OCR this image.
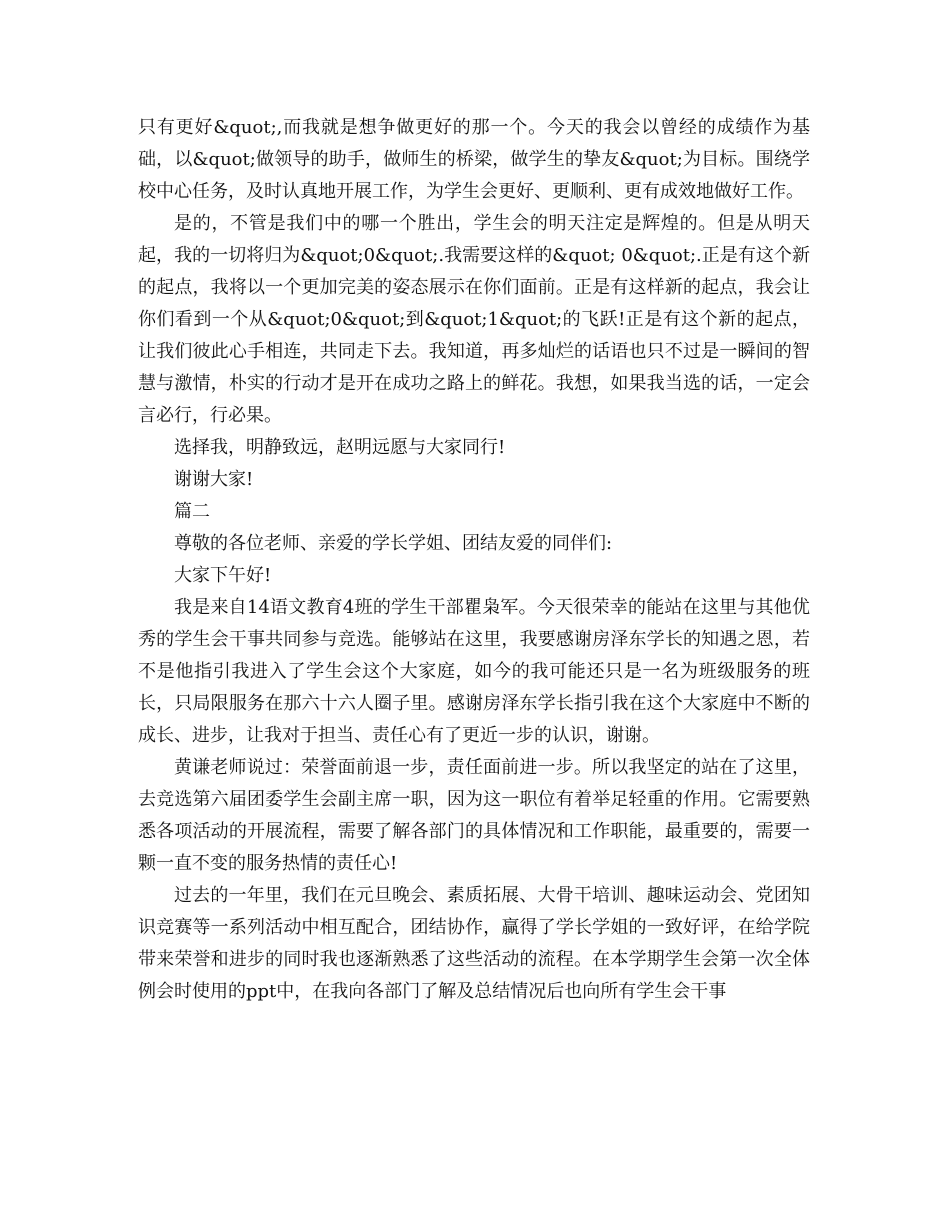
只有更好&quot;,而我就是想争做更好的那一个。今天的我会以曾经的成绩作为基础，以&quot;做领导的助手，做师生的桥梁，做学生的挚友&quot;为目标。围绕学校中心任务，及时认真地开展工作，为学生会更好、更顺利、更有成效地做好工作。

是的，不管是我们中的哪一个胜出，学生会的明天注定是辉煌的。但是从明天起，我的一切将归为&quot;0&quot;.我需要这样的&quot; 0&quot;.正是有这个新的起点，我将以一个更加完美的姿态展示在你们面前。正是有这样新的起点，我会让你们看到一个从&quot;0&quot;到&quot;1&quot;的飞跃!正是有这个新的起点，让我们彼此心手相连，共同走下去。我知道，再多灿烂的话语也只不过是一瞬间的智慧与激情，朴实的行动才是开在成功之路上的鲜花。我想，如果我当选的话，一定会言必行，行必果。

选择我，明静致远，赵明远愿与大家同行!

谢谢大家!

篇二

尊敬的各位老师、亲爱的学长学姐、团结友爱的同伴们:

大家下午好!

我是来自14语文教育4班的学生干部瞿枭军。今天很荣幸的能站在这里与其他优秀的学生会干事共同参与竞选。能够站在这里，我要感谢房泽东学长的知遇之恩，若不是他指引我进入了学生会这个大家庭，如今的我可能还只是一名为班级服务的班长，只局限服务在那六十六人圈子里。感谢房泽东学长指引我在这个大家庭中不断的成长、进步，让我对于担当、责任心有了更近一步的认识，谢谢。

黄谦老师说过：荣誉面前退一步，责任面前进一步。所以我坚定的站在了这里，去竞选第六届团委学生会副主席一职，因为这一职位有着举足轻重的作用。它需要熟悉各项活动的开展流程，需要了解各部门的具体情况和工作职能，最重要的，需要一颗一直不变的服务热情的责任心!

过去的一年里，我们在元旦晚会、素质拓展、大骨干培训、趣味运动会、党团知识竞赛等一系列活动中相互配合，团结协作，赢得了学长学姐的一致好评，在给学院带来荣誉和进步的同时我也逐渐熟悉了这些活动的流程。在本学期学生会第一次全体例会时使用的ppt中，在我向各部门了解及总结情况后也向所有学生会干事
